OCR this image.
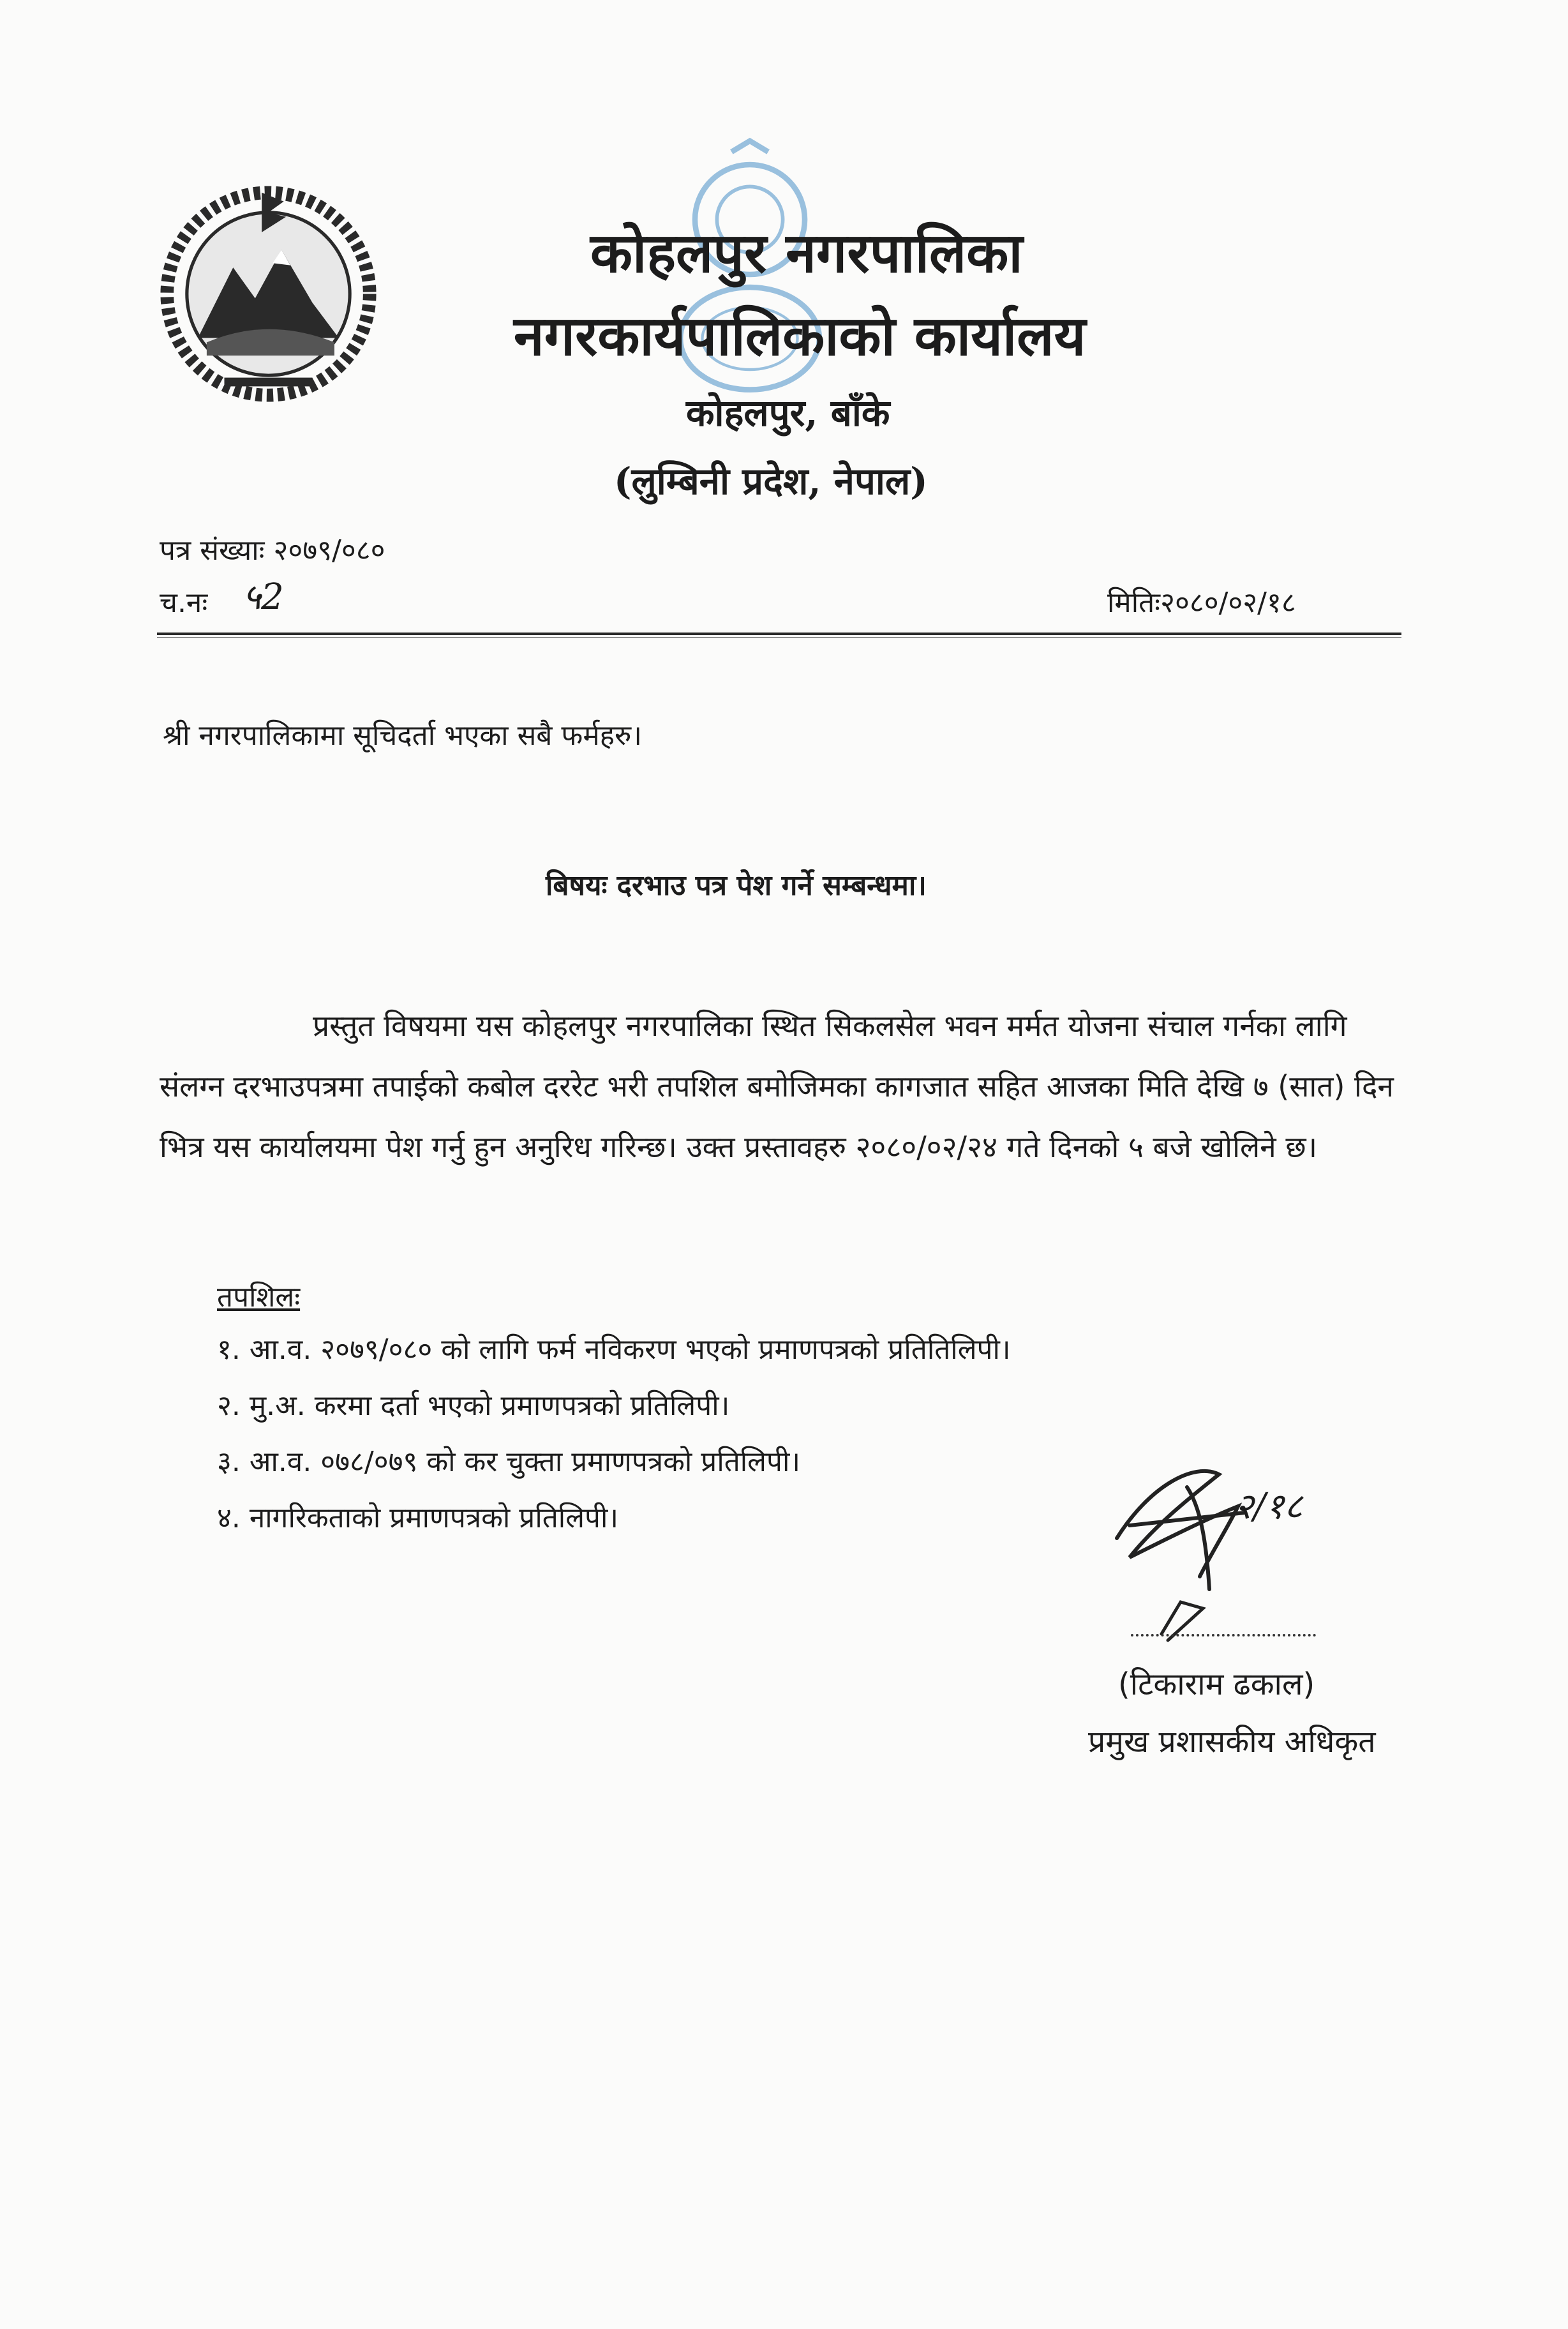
कोहलपुर नगरपालिका
नगरकार्यपालिकाको कार्यालय
कोहलपुर, बाँके
(लुम्बिनी प्रदेश, नेपाल)
पत्र संख्याः २०७९/०८०
च.नः ५2	मितिः२०८०/०२/१८
श्री नगरपालिकामा सूचिदर्ता भएका सबै फर्महरु।
बिषयः दरभाउ पत्र पेश गर्ने सम्बन्धमा।

प्रस्तुत विषयमा यस कोहलपुर नगरपालिका स्थित सिकलसेल भवन मर्मत योजना संचाल गर्नका लागि संलग्न दरभाउपत्रमा तपाईको कबोल दररेट भरी तपशिल बमोजिमका कागजात सहित आजका मिति देखि ७ (सात) दिन भित्र यस कार्यालयमा पेश गर्नु हुन अनुरिध गरिन्छ। उक्त प्रस्तावहरु २०८०/०२/२४ गते दिनको ५ बजे खोलिने छ।

तपशिलः
१. आ.व. २०७९/०८० को लागि फर्म नविकरण भएको प्रमाणपत्रको प्रतितिलिपी।
२. मु.अ. करमा दर्ता भएको प्रमाणपत्रको प्रतिलिपी।
३. आ.व. ०७८/०७९ को कर चुक्ता प्रमाणपत्रको प्रतिलिपी।
४. नागरिकताको प्रमाणपत्रको प्रतिलिपी।	२/१८
(टिकाराम ढकाल)
प्रमुख प्रशासकीय अधिकृत
